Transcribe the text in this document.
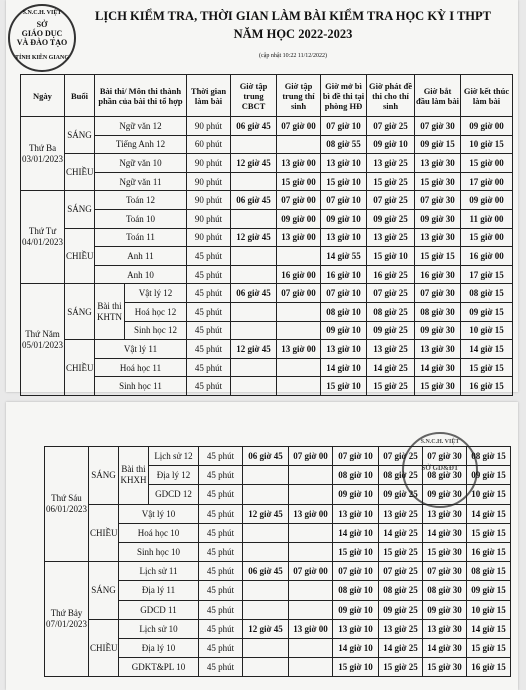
S.N.C.H. VIỆT
SỞ
GIÁO DỤC
VÀ ĐÀO TẠO
TỈNH KIÊN GIANG
LỊCH KIỂM TRA, THỜI GIAN LÀM BÀI KIỂM TRA HỌC KỲ I THPT
NĂM HỌC 2022-2023
(cập nhật 10:22 11/12/2022)
Ngày	Buổi	Bài thi/ Môn thi thành phần của bài thi tổ hợp		Thời gian làm bài	Giờ tập trung CBCT	Giờ tập trung thí sinh	Giờ mở bì bì đề thi tại phòng HĐ	Giờ phát đề thi cho thí sinh	Giờ bắt đầu làm bài	Giờ kết thúc làm bài
Thứ Ba
03/01/2023	SÁNG	Ngữ văn 12		90 phút	06 giờ 45	07 giờ 00	07 giờ 10	07 giờ 25	07 giờ 30	09 giờ 00
		Tiếng Anh 12		60 phút			08 giờ 55	09 giờ 10	09 giờ 15	10 giờ 15
	CHIỀU	Ngữ văn 10		90 phút	12 giờ 45	13 giờ 00	13 giờ 10	13 giờ 25	13 giờ 30	15 giờ 00
		Ngữ văn 11		90 phút		15 giờ 00	15 giờ 10	15 giờ 25	15 giờ 30	17 giờ 00
Thứ Tư
04/01/2023	SÁNG	Toán 12		90 phút	06 giờ 45	07 giờ 00	07 giờ 10	07 giờ 25	07 giờ 30	09 giờ 00
		Toán 10		90 phút		09 giờ 00	09 giờ 10	09 giờ 25	09 giờ 30	11 giờ 00
	CHIỀU	Toán 11		90 phút	12 giờ 45	13 giờ 00	13 giờ 10	13 giờ 25	13 giờ 30	15 giờ 00
		Anh 11		45 phút			14 giờ 55	15 giờ 10	15 giờ 15	16 giờ 00
		Anh 10		45 phút		16 giờ 00	16 giờ 10	16 giờ 25	16 giờ 30	17 giờ 15
Thứ Năm
05/01/2023	SÁNG	Bài thi KHTN	Vật lý 12	45 phút	06 giờ 45	07 giờ 00	07 giờ 10	07 giờ 25	07 giờ 30	08 giờ 15
			Hoá học 12	45 phút			08 giờ 10	08 giờ 25	08 giờ 30	09 giờ 15
			Sinh học 12	45 phút			09 giờ 10	09 giờ 25	09 giờ 30	10 giờ 15
	CHIỀU	Vật lý 11		45 phút	12 giờ 45	13 giờ 00	13 giờ 10	13 giờ 25	13 giờ 30	14 giờ 15
		Hoá học 11		45 phút			14 giờ 10	14 giờ 25	14 giờ 30	15 giờ 15
		Sinh học 11		45 phút			15 giờ 10	15 giờ 25	15 giờ 30	16 giờ 15
S.N.C.H. VIỆT
SỞ GD&ĐT
Thứ Sáu
06/01/2023	SÁNG	Bài thi KHXH	Lịch sử 12	45 phút	06 giờ 45	07 giờ 00	07 giờ 10	07 giờ 25	07 giờ 30	08 giờ 15
			Địa lý 12	45 phút			08 giờ 10	08 giờ 25	08 giờ 30	09 giờ 15
			GDCD 12	45 phút			09 giờ 10	09 giờ 25	09 giờ 30	10 giờ 15
	CHIỀU	Vật lý 10		45 phút	12 giờ 45	13 giờ 00	13 giờ 10	13 giờ 25	13 giờ 30	14 giờ 15
		Hoá học 10		45 phút			14 giờ 10	14 giờ 25	14 giờ 30	15 giờ 15
		Sinh học 10		45 phút			15 giờ 10	15 giờ 25	15 giờ 30	16 giờ 15
Thứ Bảy
07/01/2023	SÁNG	Lịch sử 11		45 phút	06 giờ 45	07 giờ 00	07 giờ 10	07 giờ 25	07 giờ 30	08 giờ 15
		Địa lý 11		45 phút			08 giờ 10	08 giờ 25	08 giờ 30	09 giờ 15
		GDCD 11		45 phút			09 giờ 10	09 giờ 25	09 giờ 30	10 giờ 15
	CHIỀU	Lịch sử 10		45 phút	12 giờ 45	13 giờ 00	13 giờ 10	13 giờ 25	13 giờ 30	14 giờ 15
		Địa lý 10		45 phút			14 giờ 10	14 giờ 25	14 giờ 30	15 giờ 15
		GDKT&PL 10		45 phút			15 giờ 10	15 giờ 25	15 giờ 30	16 giờ 15
